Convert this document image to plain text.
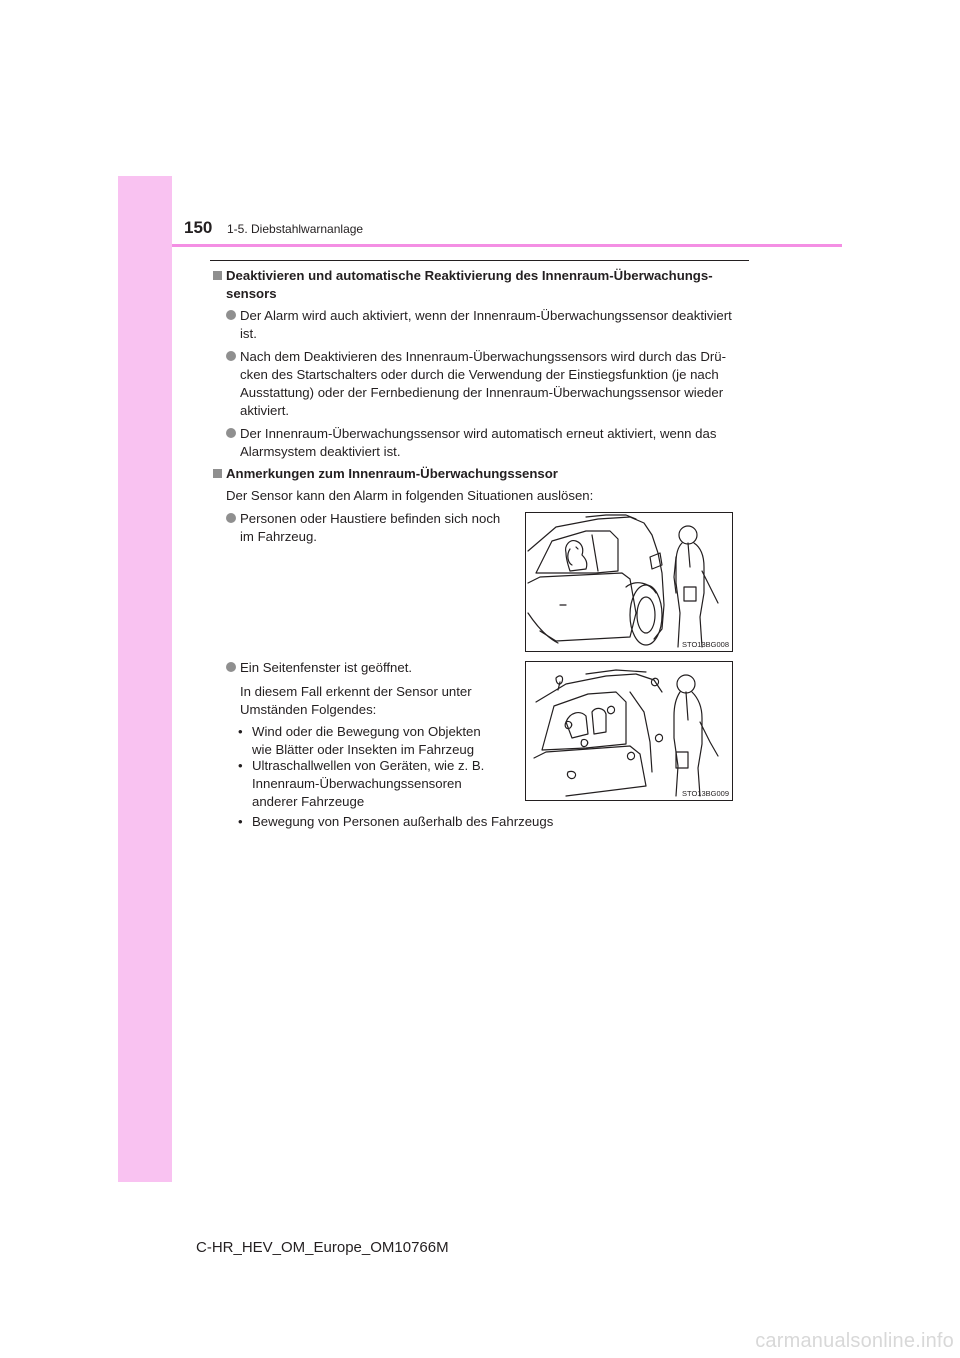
150 1-5. Diebstahlwarnanlage
Deaktivieren und automatische Reaktivierung des Innenraum-Überwachungs-
sensors
Der Alarm wird auch aktiviert, wenn der Innenraum-Überwachungssensor deaktiviert
ist.
Nach dem Deaktivieren des Innenraum-Überwachungssensors wird durch das Drü-
cken des Startschalters oder durch die Verwendung der Einstiegsfunktion (je nach
Ausstattung) oder der Fernbedienung der Innenraum-Überwachungssensor wieder
aktiviert.
Der Innenraum-Überwachungssensor wird automatisch erneut aktiviert, wenn das
Alarmsystem deaktiviert ist.
Anmerkungen zum Innenraum-Überwachungssensor
Der Sensor kann den Alarm in folgenden Situationen auslösen:
Personen oder Haustiere befinden sich noch
im Fahrzeug.
Ein Seitenfenster ist geöffnet.
In diesem Fall erkennt der Sensor unter
Umständen Folgendes:
• Wind oder die Bewegung von Objekten
wie Blätter oder Insekten im Fahrzeug
• Ultraschallwellen von Geräten, wie z. B.
Innenraum-Überwachungssensoren
anderer Fahrzeuge
• Bewegung von Personen außerhalb des Fahrzeugs
STO13BG008
STO13BG009
C-HR_HEV_OM_Europe_OM10766M
carmanualsonline.info
